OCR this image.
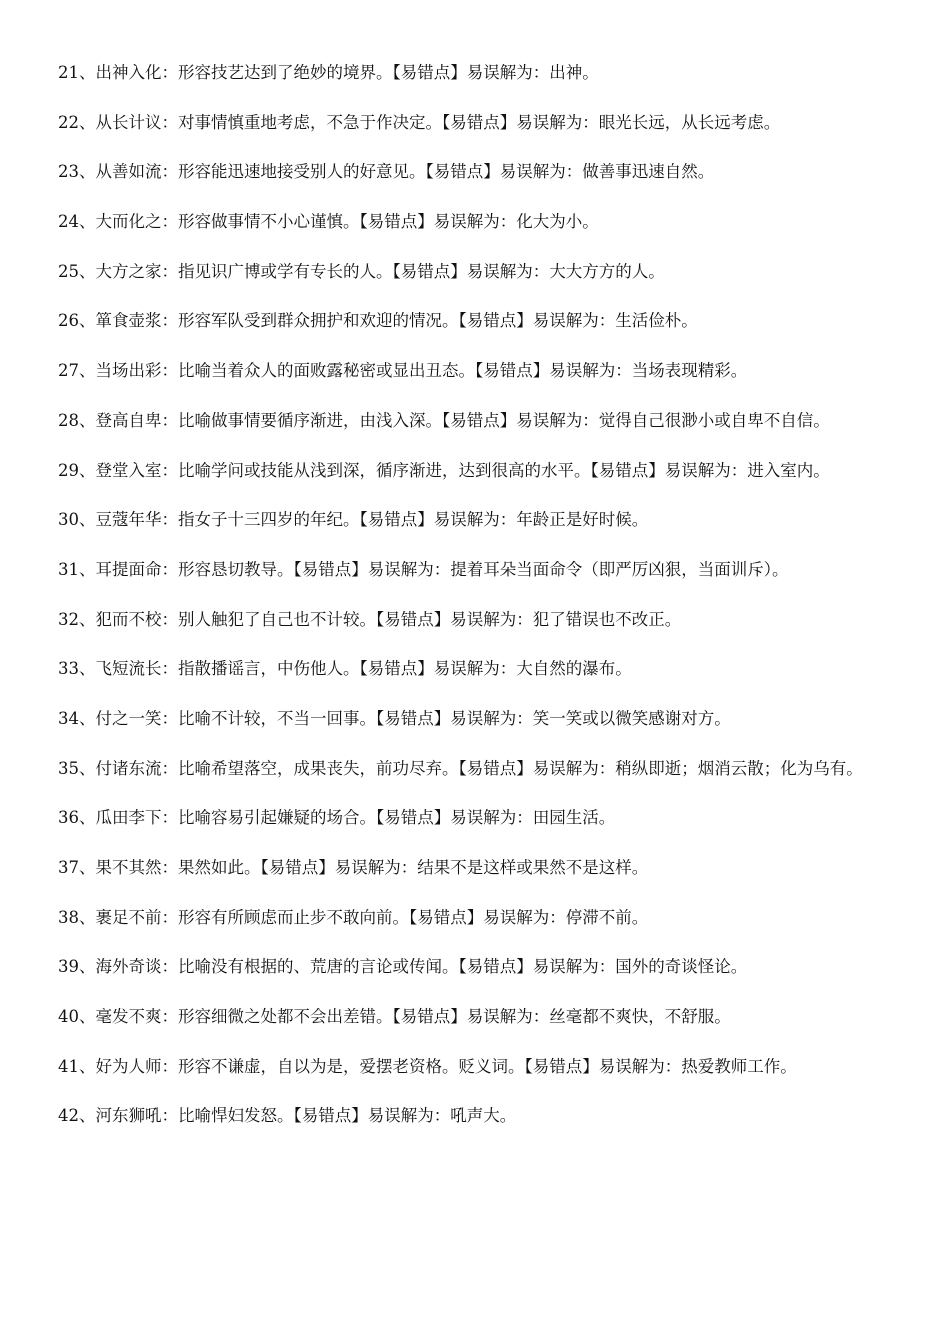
21、出神入化：形容技艺达到了绝妙的境界。【易错点】易误解为：出神。

22、从长计议：对事情慎重地考虑，不急于作决定。【易错点】易误解为：眼光长远，从长远考虑。

23、从善如流：形容能迅速地接受别人的好意见。【易错点】易误解为：做善事迅速自然。

24、大而化之：形容做事情不小心谨慎。【易错点】易误解为：化大为小。

25、大方之家：指见识广博或学有专长的人。【易错点】易误解为：大大方方的人。

26、箪食壶浆：形容军队受到群众拥护和欢迎的情况。【易错点】易误解为：生活俭朴。

27、当场出彩：比喻当着众人的面败露秘密或显出丑态。【易错点】易误解为：当场表现精彩。

28、登高自卑：比喻做事情要循序渐进，由浅入深。【易错点】易误解为：觉得自己很渺小或自卑不自信。

29、登堂入室：比喻学问或技能从浅到深，循序渐进，达到很高的水平。【易错点】易误解为：进入室内。

30、豆蔻年华：指女子十三四岁的年纪。【易错点】易误解为：年龄正是好时候。

31、耳提面命：形容恳切教导。【易错点】易误解为：提着耳朵当面命令（即严厉凶狠，当面训斥）。

32、犯而不校：别人触犯了自己也不计较。【易错点】易误解为：犯了错误也不改正。

33、飞短流长：指散播谣言，中伤他人。【易错点】易误解为：大自然的瀑布。

34、付之一笑：比喻不计较，不当一回事。【易错点】易误解为：笑一笑或以微笑感谢对方。

35、付诸东流：比喻希望落空，成果丧失，前功尽弃。【易错点】易误解为：稍纵即逝；烟消云散；化为乌有。

36、瓜田李下：比喻容易引起嫌疑的场合。【易错点】易误解为：田园生活。

37、果不其然：果然如此。【易错点】易误解为：结果不是这样或果然不是这样。

38、裹足不前：形容有所顾虑而止步不敢向前。【易错点】易误解为：停滞不前。

39、海外奇谈：比喻没有根据的、荒唐的言论或传闻。【易错点】易误解为：国外的奇谈怪论。

40、毫发不爽：形容细微之处都不会出差错。【易错点】易误解为：丝毫都不爽快，不舒服。

41、好为人师：形容不谦虚，自以为是，爱摆老资格。贬义词。【易错点】易误解为：热爱教师工作。

42、河东狮吼：比喻悍妇发怒。【易错点】易误解为：吼声大。
